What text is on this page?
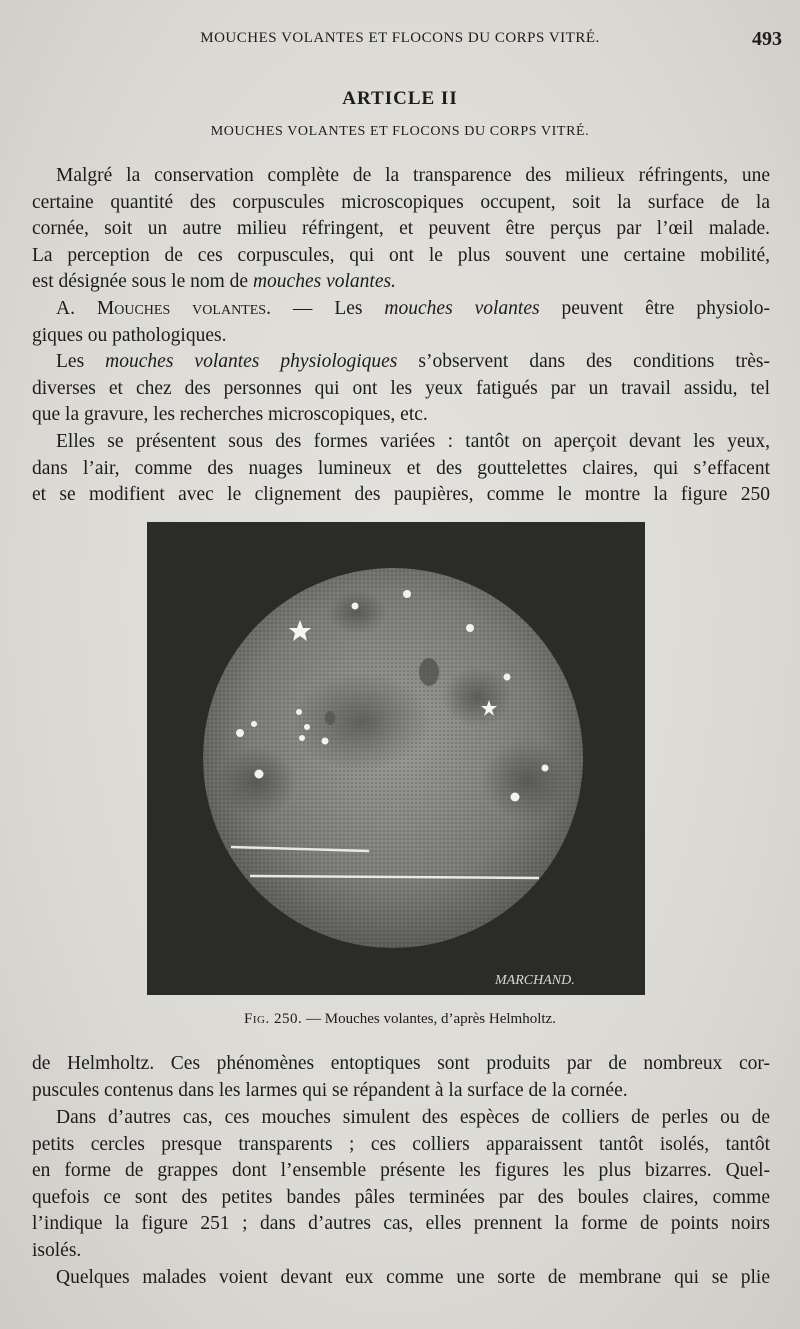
MOUCHES VOLANTES ET FLOCONS DU CORPS VITRÉ.	493
ARTICLE II
MOUCHES VOLANTES ET FLOCONS DU CORPS VITRÉ.
Malgré la conservation complète de la transparence des milieux réfringents, une
certaine quantité des corpuscules microscopiques occupent, soit la surface de la
cornée, soit un autre milieu réfringent, et peuvent être perçus par l’œil malade.
La perception de ces corpuscules, qui ont le plus souvent une certaine mobilité,
est désignée sous le nom de mouches volantes.
A. Mouches volantes. — Les mouches volantes peuvent être physiolo-
giques ou pathologiques.
Les mouches volantes physiologiques s’observent dans des conditions très-
diverses et chez des personnes qui ont les yeux fatigués par un travail assidu, tel
que la gravure, les recherches microscopiques, etc.
Elles se présentent sous des formes variées : tantôt on aperçoit devant les yeux,
dans l’air, comme des nuages lumineux et des gouttelettes claires, qui s’effacent
et se modifient avec le clignement des paupières, comme le montre la figure 250
MARCHAND.
Fig. 250. — Mouches volantes, d’après Helmholtz.
de Helmholtz. Ces phénomènes entoptiques sont produits par de nombreux cor-
puscules contenus dans les larmes qui se répandent à la surface de la cornée.
Dans d’autres cas, ces mouches simulent des espèces de colliers de perles ou de
petits cercles presque transparents ; ces colliers apparaissent tantôt isolés, tantôt
en forme de grappes dont l’ensemble présente les figures les plus bizarres. Quel-
quefois ce sont des petites bandes pâles terminées par des boules claires, comme
l’indique la figure 251 ; dans d’autres cas, elles prennent la forme de points noirs
isolés.
Quelques malades voient devant eux comme une sorte de membrane qui se plie
